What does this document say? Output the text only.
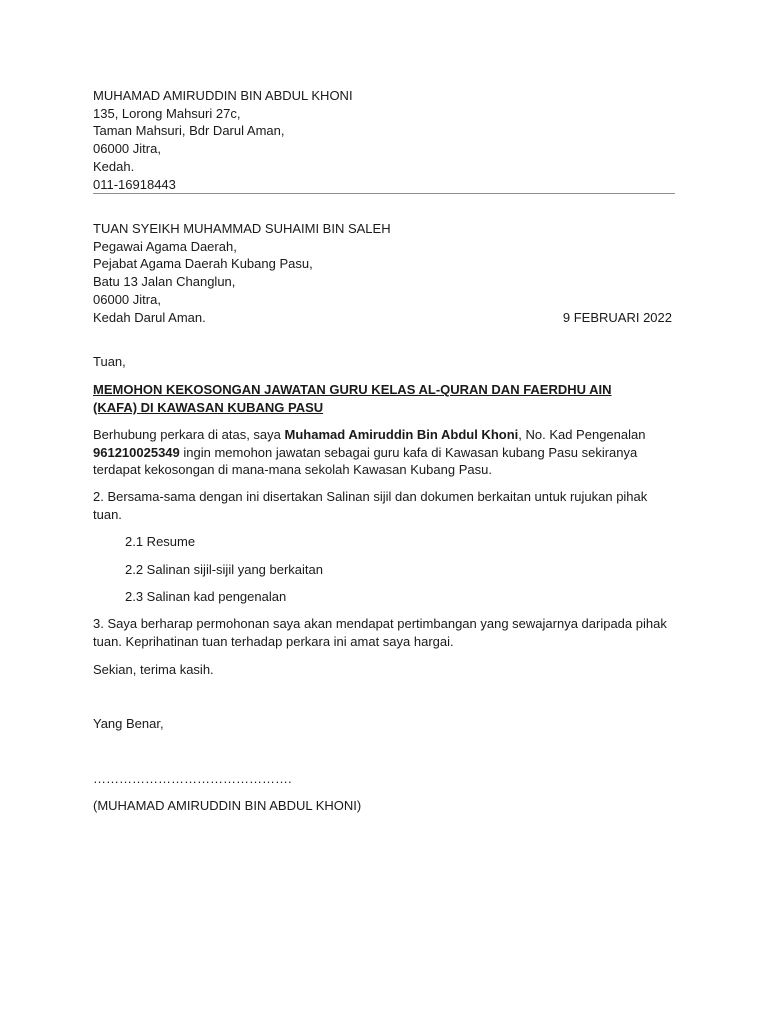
MUHAMAD AMIRUDDIN BIN ABDUL KHONI
135, Lorong Mahsuri 27c,
Taman Mahsuri, Bdr Darul Aman,
06000 Jitra,
Kedah.
011-16918443
TUAN SYEIKH MUHAMMAD SUHAIMI BIN SALEH
Pegawai Agama Daerah,
Pejabat Agama Daerah Kubang Pasu,
Batu 13 Jalan Changlun,
06000 Jitra,
Kedah Darul Aman.	9 FEBRUARI 2022
Tuan,
MEMOHON KEKOSONGAN JAWATAN GURU KELAS AL-QURAN DAN FAERDHU AIN (KAFA) DI KAWASAN KUBANG PASU
Berhubung perkara di atas, saya Muhamad Amiruddin Bin Abdul Khoni, No. Kad Pengenalan 961210025349 ingin memohon jawatan sebagai guru kafa di Kawasan kubang Pasu sekiranya terdapat kekosongan di mana-mana sekolah Kawasan Kubang Pasu.
2. Bersama-sama dengan ini disertakan Salinan sijil dan dokumen berkaitan untuk rujukan pihak tuan.
2.1 Resume
2.2 Salinan sijil-sijil yang berkaitan
2.3 Salinan kad pengenalan
3. Saya berharap permohonan saya akan mendapat pertimbangan yang sewajarnya daripada pihak tuan. Keprihatinan tuan terhadap perkara ini amat saya hargai.
Sekian, terima kasih.
Yang Benar,
……………………………………….
(MUHAMAD AMIRUDDIN BIN ABDUL KHONI)
